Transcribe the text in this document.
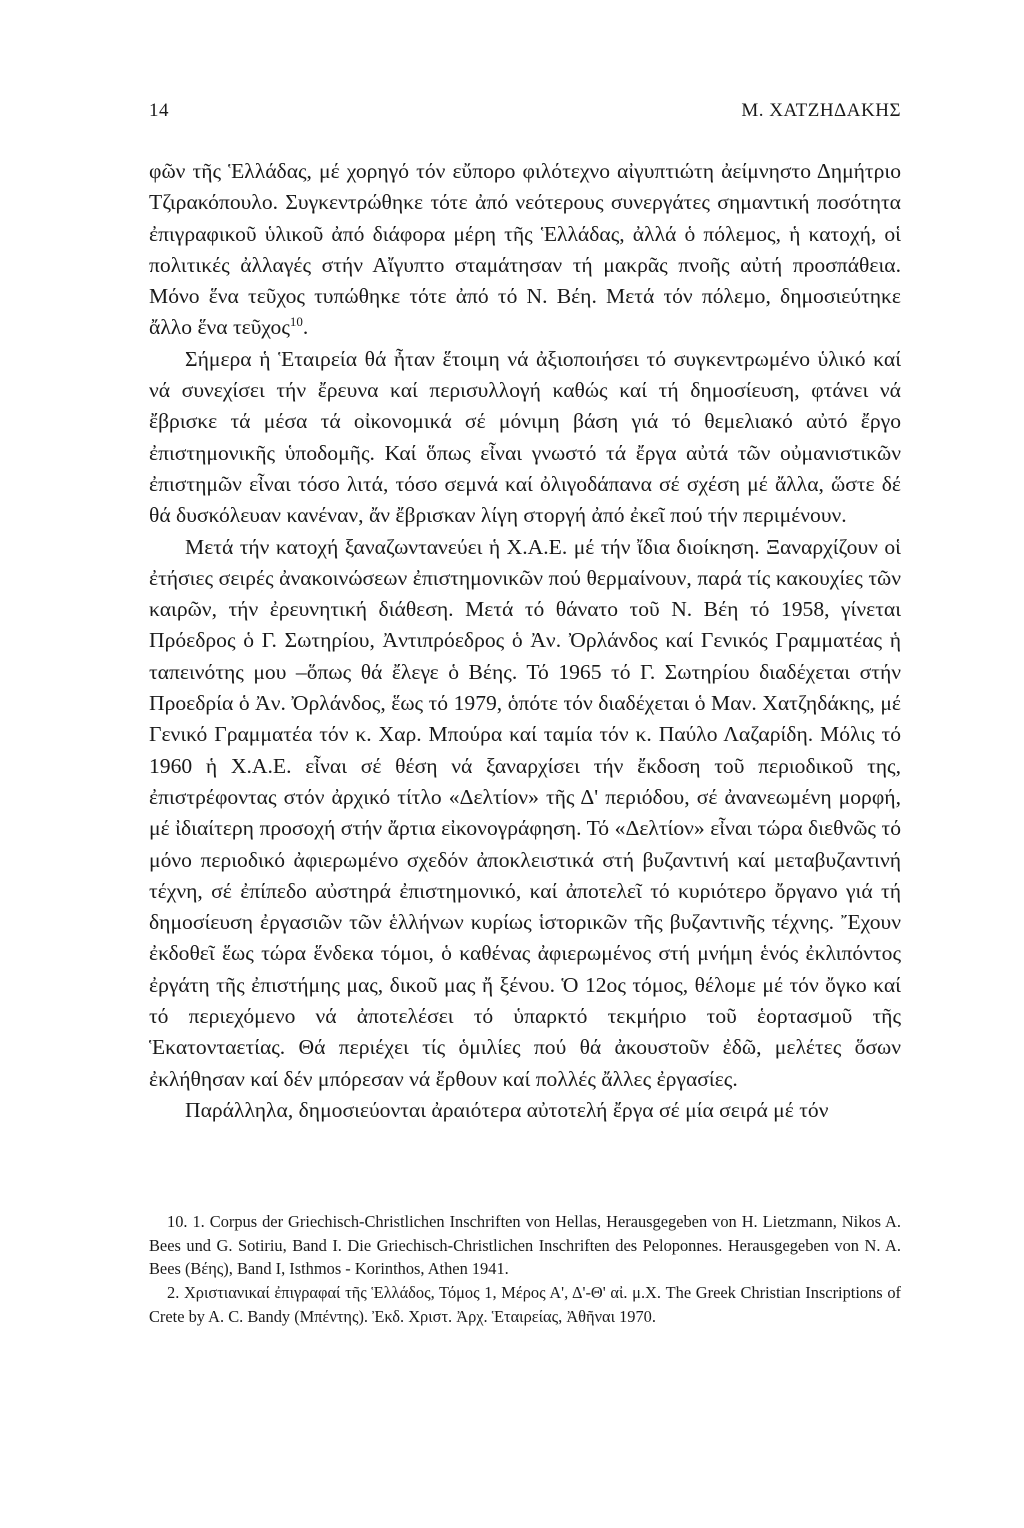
14	Μ. ΧΑΤΖΗΔΑΚΗΣ

φῶν τῆς Ἑλλάδας, μέ χορηγό τόν εὔπορο φιλότεχνο αἰγυπτιώτη ἀείμνηστο Δημήτριο Τζιρακόπουλο. Συγκεντρώθηκε τότε ἀπό νεότερους συνεργάτες σημαντική ποσότητα ἐπιγραφικοῦ ὑλικοῦ ἀπό διάφορα μέρη τῆς Ἑλλάδας, ἀλλά ὁ πόλεμος, ἡ κατοχή, οἱ πολιτικές ἀλλαγές στήν Αἴγυπτο σταμάτησαν τή μακρᾶς πνοῆς αὐτή προσπάθεια. Μόνο ἕνα τεῦχος τυπώθηκε τότε ἀπό τό Ν. Βέη. Μετά τόν πόλεμο, δημοσιεύτηκε ἄλλο ἕνα τεῦχος$^{10}$.

Σήμερα ἡ Ἑταιρεία θά ἦταν ἕτοιμη νά ἀξιοποιήσει τό συγκεντρωμένο ὑλικό καί νά συνεχίσει τήν ἔρευνα καί περισυλλογή καθώς καί τή δημοσίευση, φτάνει νά ἔβρισκε τά μέσα τά οἰκονομικά σέ μόνιμη βάση γιά τό θεμελιακό αὐτό ἔργο ἐπιστημονικῆς ὑποδομῆς. Καί ὅπως εἶναι γνωστό τά ἔργα αὐτά τῶν οὐμανιστικῶν ἐπιστημῶν εἶναι τόσο λιτά, τόσο σεμνά καί ὀλιγοδάπανα σέ σχέση μέ ἄλλα, ὥστε δέ θά δυσκόλευαν κανέναν, ἄν ἔβρισκαν λίγη στοργή ἀπό ἐκεῖ πού τήν περιμένουν.

Μετά τήν κατοχή ξαναζωντανεύει ἡ Χ.Α.Ε. μέ τήν ἴδια διοίκηση. Ξαναρχίζουν οἱ ἐτήσιες σειρές ἀνακοινώσεων ἐπιστημονικῶν πού θερμαίνουν, παρά τίς κακουχίες τῶν καιρῶν, τήν ἐρευνητική διάθεση. Μετά τό θάνατο τοῦ Ν. Βέη τό 1958, γίνεται Πρόεδρος ὁ Γ. Σωτηρίου, Ἀντιπρόεδρος ὁ Ἀν. Ὀρλάνδος καί Γενικός Γραμματέας ἡ ταπεινότης μου –ὅπως θά ἔλεγε ὁ Βέης. Τό 1965 τό Γ. Σωτηρίου διαδέχεται στήν Προεδρία ὁ Ἀν. Ὀρλάνδος, ἕως τό 1979, ὁπότε τόν διαδέχεται ὁ Μαν. Χατζηδάκης, μέ Γενικό Γραμματέα τόν κ. Χαρ. Μπούρα καί ταμία τόν κ. Παύλο Λαζαρίδη. Μόλις τό 1960 ἡ Χ.Α.Ε. εἶναι σέ θέση νά ξαναρχίσει τήν ἔκδοση τοῦ περιοδικοῦ της, ἐπιστρέφοντας στόν ἀρχικό τίτλο «Δελτίον» τῆς Δ' περιόδου, σέ ἀνανεωμένη μορφή, μέ ἰδιαίτερη προσοχή στήν ἄρτια εἰκονογράφηση. Τό «Δελτίον» εἶναι τώρα διεθνῶς τό μόνο περιοδικό ἀφιερωμένο σχεδόν ἀποκλειστικά στή βυζαντινή καί μεταβυζαντινή τέχνη, σέ ἐπίπεδο αὐστηρά ἐπιστημονικό, καί ἀποτελεῖ τό κυριότερο ὄργανο γιά τή δημοσίευση ἐργασιῶν τῶν ἑλλήνων κυρίως ἱστορικῶν τῆς βυζαντινῆς τέχνης. Ἔχουν ἐκδοθεῖ ἕως τώρα ἕνδεκα τόμοι, ὁ καθένας ἀφιερωμένος στή μνήμη ἑνός ἐκλιπόντος ἐργάτη τῆς ἐπιστήμης μας, δικοῦ μας ἤ ξένου. Ὁ 12ος τόμος, θέλομε μέ τόν ὄγκο καί τό περιεχόμενο νά ἀποτελέσει τό ὑπαρκτό τεκμήριο τοῦ ἑορτασμοῦ τῆς Ἑκατονταετίας. Θά περιέχει τίς ὁμιλίες πού θά ἀκουστοῦν ἐδῶ, μελέτες ὅσων ἐκλήθησαν καί δέν μπόρεσαν νά ἔρθουν καί πολλές ἄλλες ἐργασίες.

Παράλληλα, δημοσιεύονται ἀραιότερα αὐτοτελή ἔργα σέ μία σειρά μέ τόν

10. 1. Corpus der Griechisch-Christlichen Inschriften von Hellas, Herausgegeben von H. Lietzmann, Nikos A. Bees und G. Sotiriu, Band I. Die Griechisch-Christlichen Inschriften des Peloponnes. Herausgegeben von N. A. Bees (Βέης), Band I, Isthmos - Korinthos, Athen 1941.

2. Χριστιανικαί ἐπιγραφαί τῆς Ἑλλάδος, Τόμος 1, Μέρος Α', Δ'-Θ' αἰ. μ.Χ. The Greek Christian Inscriptions of Crete by A. C. Bandy (Μπέντης). Ἐκδ. Χριστ. Ἀρχ. Ἑταιρείας, Ἀθῆναι 1970.
